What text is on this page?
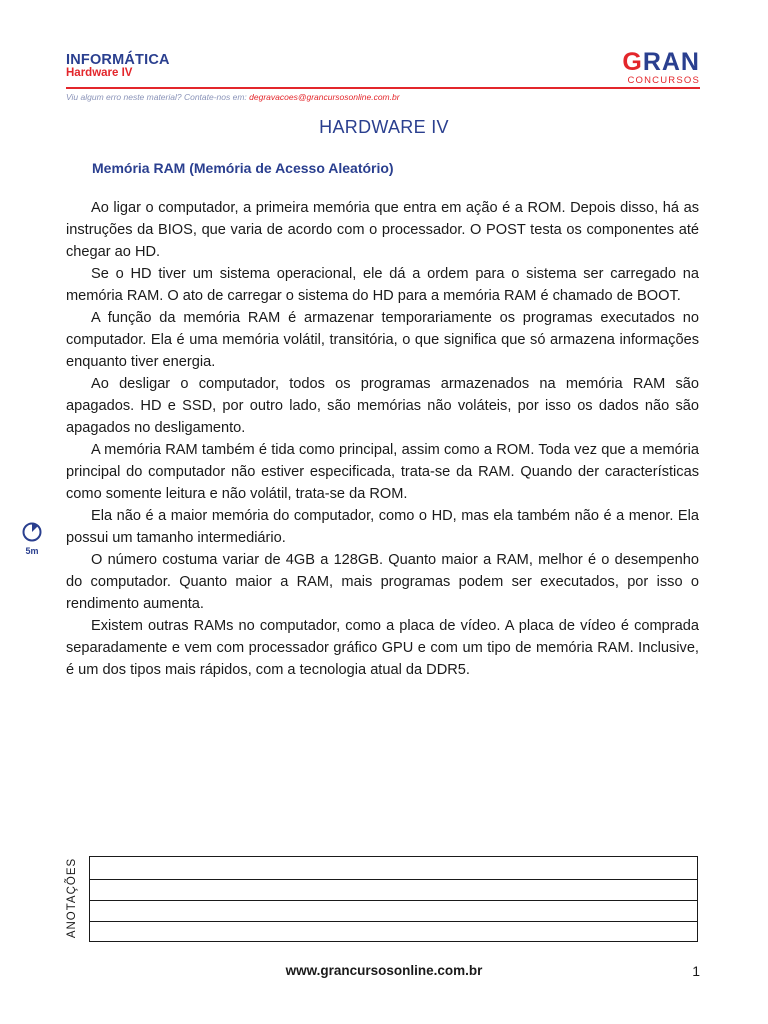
INFORMÁTICA
Hardware IV	GRAN
CONCURSOS
Viu algum erro neste material? Contate-nos em: degravacoes@grancursosonline.com.br
HARDWARE IV
Memória RAM (Memória de Acesso Aleatório)

Ao ligar o computador, a primeira memória que entra em ação é a ROM. Depois disso, há as instruções da BIOS, que varia de acordo com o processador. O POST testa os componentes até chegar ao HD.

Se o HD tiver um sistema operacional, ele dá a ordem para o sistema ser carregado na memória RAM. O ato de carregar o sistema do HD para a memória RAM é chamado de BOOT.

A função da memória RAM é armazenar temporariamente os programas executados no computador. Ela é uma memória volátil, transitória, o que significa que só armazena informações enquanto tiver energia.

Ao desligar o computador, todos os programas armazenados na memória RAM são apagados. HD e SSD, por outro lado, são memórias não voláteis, por isso os dados não são apagados no desligamento.

A memória RAM também é tida como principal, assim como a ROM. Toda vez que a memória principal do computador não estiver especificada, trata-se da RAM. Quando der características como somente leitura e não volátil, trata-se da ROM.

Ela não é a maior memória do computador, como o HD, mas ela também não é a menor. Ela possui um tamanho intermediário.

O número costuma variar de 4GB a 128GB. Quanto maior a RAM, melhor é o desempenho do computador. Quanto maior a RAM, mais programas podem ser executados, por isso o rendimento aumenta.

Existem outras RAMs no computador, como a placa de vídeo. A placa de vídeo é comprada separadamente e vem com processador gráfico GPU e com um tipo de memória RAM. Inclusive, é um dos tipos mais rápidos, com a tecnologia atual da DDR5.

5m
ANOTAÇÕES
www.grancursosonline.com.br	1
